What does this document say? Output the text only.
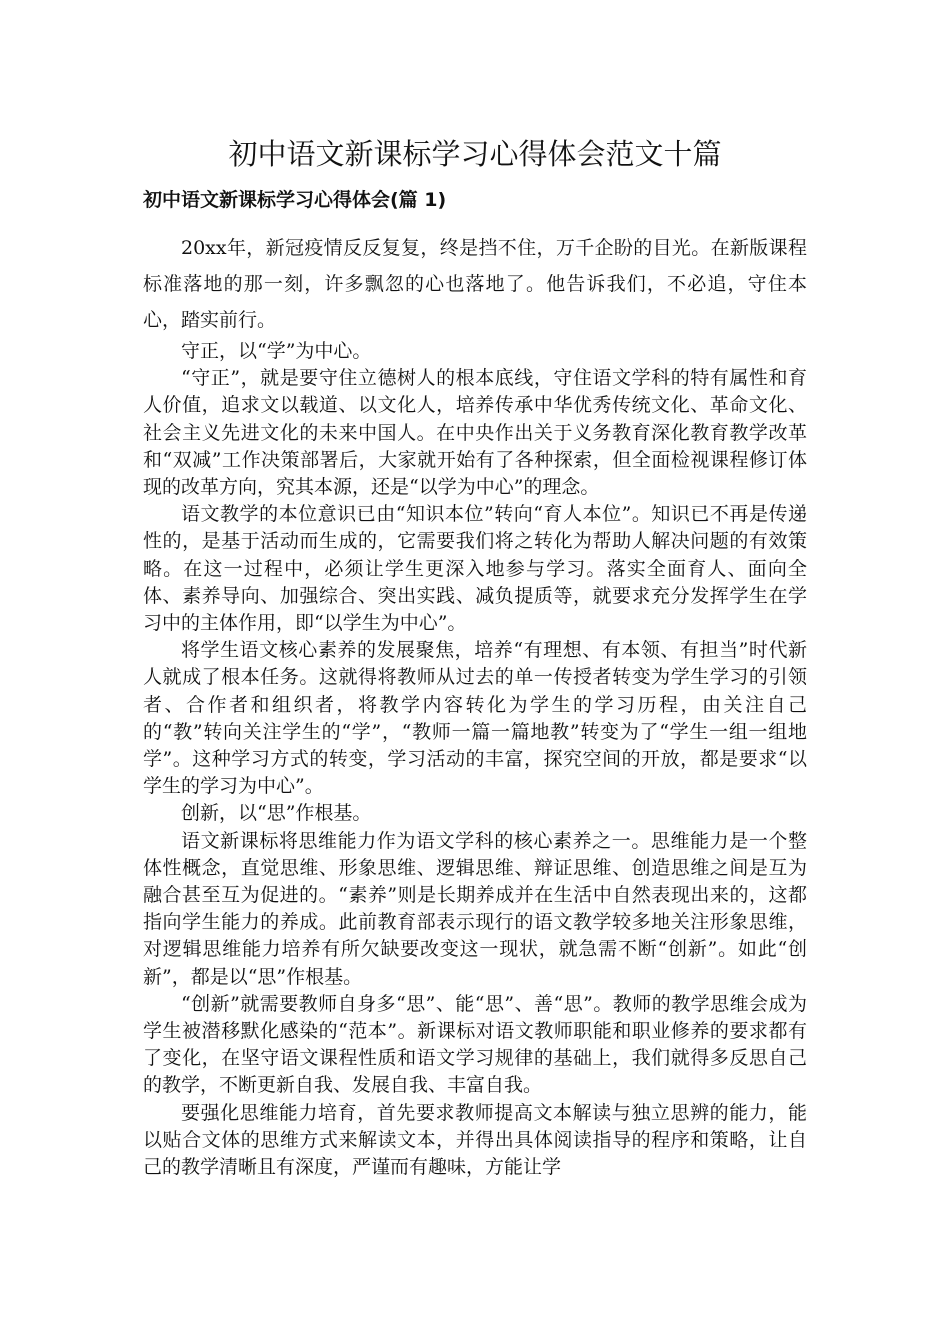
初中语文新课标学习心得体会范文十篇
初中语文新课标学习心得体会(篇 1)

20xx年，新冠疫情反反复复，终是挡不住，万千企盼的目光。在新版课程标准落地的那一刻，许多飘忽的心也落地了。他告诉我们，不必追，守住本心，踏实前行。

守正，以“学”为中心。

“守正”，就是要守住立德树人的根本底线，守住语文学科的特有属性和育人价值，追求文以载道、以文化人，培养传承中华优秀传统文化、革命文化、社会主义先进文化的未来中国人。在中央作出关于义务教育深化教育教学改革和“双减”工作决策部署后，大家就开始有了各种探索，但全面检视课程修订体现的改革方向，究其本源，还是“以学为中心”的理念。

语文教学的本位意识已由“知识本位”转向“育人本位”。知识已不再是传递性的，是基于活动而生成的，它需要我们将之转化为帮助人解决问题的有效策略。在这一过程中，必须让学生更深入地参与学习。落实全面育人、面向全体、素养导向、加强综合、突出实践、减负提质等，就要求充分发挥学生在学习中的主体作用，即“以学生为中心”。

将学生语文核心素养的发展聚焦，培养“有理想、有本领、有担当”时代新人就成了根本任务。这就得将教师从过去的单一传授者转变为学生学习的引领者、合作者和组织者，将教学内容转化为学生的学习历程，由关注自己的“教”转向关注学生的“学”，“教师一篇一篇地教”转变为了“学生一组一组地学”。这种学习方式的转变，学习活动的丰富，探究空间的开放，都是要求“以学生的学习为中心”。

创新，以“思”作根基。

语文新课标将思维能力作为语文学科的核心素养之一。思维能力是一个整体性概念，直觉思维、形象思维、逻辑思维、辩证思维、创造思维之间是互为融合甚至互为促进的。“素养”则是长期养成并在生活中自然表现出来的，这都指向学生能力的养成。此前教育部表示现行的语文教学较多地关注形象思维，对逻辑思维能力培养有所欠缺要改变这一现状，就急需不断“创新”。如此“创新”，都是以“思”作根基。

“创新”就需要教师自身多“思”、能“思”、善“思”。教师的教学思维会成为学生被潜移默化感染的“范本”。新课标对语文教师职能和职业修养的要求都有了变化，在坚守语文课程性质和语文学习规律的基础上，我们就得多反思自己的教学，不断更新自我、发展自我、丰富自我。

要强化思维能力培育，首先要求教师提高文本解读与独立思辨的能力，能以贴合文体的思维方式来解读文本，并得出具体阅读指导的程序和策略，让自己的教学清晰且有深度，严谨而有趣味，方能让学
